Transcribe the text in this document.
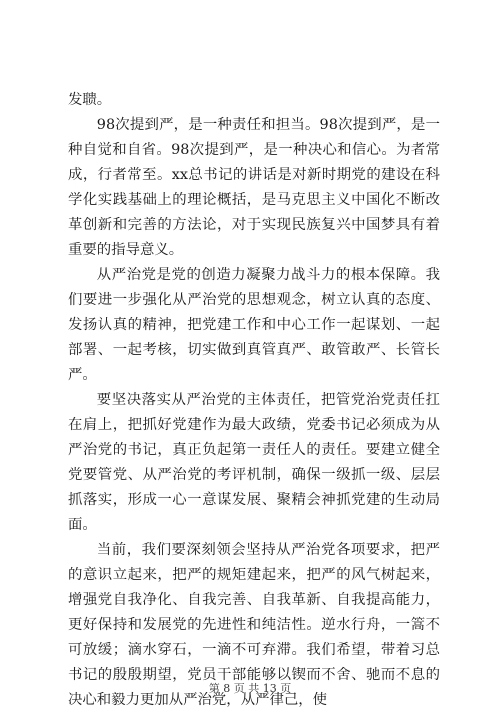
发聩。

98次提到严，是一种责任和担当。98次提到严，是一种自觉和自省。98次提到严，是一种决心和信心。为者常成，行者常至。xx总书记的讲话是对新时期党的建设在科学化实践基础上的理论概括，是马克思主义中国化不断改革创新和完善的方法论，对于实现民族复兴中国梦具有着重要的指导意义。

从严治党是党的创造力凝聚力战斗力的根本保障。我们要进一步强化从严治党的思想观念，树立认真的态度、发扬认真的精神，把党建工作和中心工作一起谋划、一起部署、一起考核，切实做到真管真严、敢管敢严、长管长严。

要坚决落实从严治党的主体责任，把管党治党责任扛在肩上，把抓好党建作为最大政绩，党委书记必须成为从严治党的书记，真正负起第一责任人的责任。要建立健全党要管党、从严治党的考评机制，确保一级抓一级、层层抓落实，形成一心一意谋发展、聚精会神抓党建的生动局面。

当前，我们要深刻领会坚持从严治党各项要求，把严的意识立起来，把严的规矩建起来，把严的风气树起来，增强党自我净化、自我完善、自我革新、自我提高能力，更好保持和发展党的先进性和纯洁性。逆水行舟，一篙不可放缓；滴水穿石，一滴不可弃滞。我们希望，带着习总书记的殷殷期望，党员干部能够以锲而不舍、驰而不息的决心和毅力更加从严治党，从严律己，使

第 8 页 共 13 页
